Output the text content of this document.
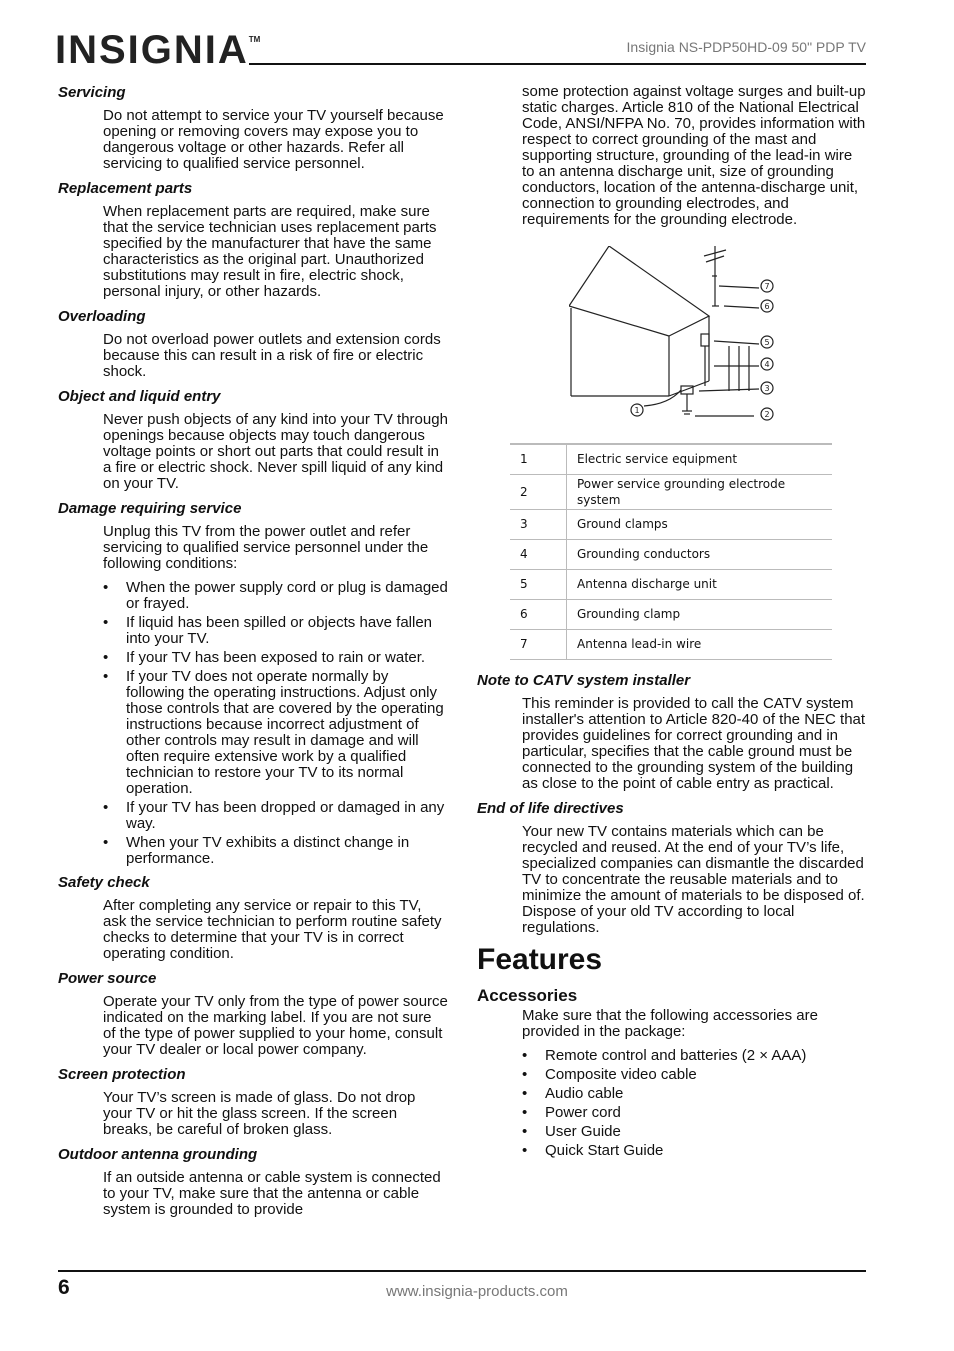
INSIGNIA™	Insignia NS-PDP50HD-09 50" PDP TV
Servicing

Do not attempt to service your TV yourself because opening or removing covers may expose you to dangerous voltage or other hazards. Refer all servicing to qualified service personnel.

Replacement parts

When replacement parts are required, make sure that the service technician uses replacement parts specified by the manufacturer that have the same characteristics as the original part. Unauthorized substitutions may result in fire, electric shock, personal injury, or other hazards.

Overloading

Do not overload power outlets and extension cords because this can result in a risk of fire or electric shock.

Object and liquid entry

Never push objects of any kind into your TV through openings because objects may touch dangerous voltage points or short out parts that could result in a fire or electric shock. Never spill liquid of any kind on your TV.

Damage requiring service

Unplug this TV from the power outlet and refer servicing to qualified service personnel under the following conditions:

• When the power supply cord or plug is damaged or frayed.
• If liquid has been spilled or objects have fallen into your TV.
• If your TV has been exposed to rain or water.
• If your TV does not operate normally by following the operating instructions. Adjust only those controls that are covered by the operating instructions because incorrect adjustment of other controls may result in damage and will often require extensive work by a qualified technician to restore your TV to its normal operation.
• If your TV has been dropped or damaged in any way.
• When your TV exhibits a distinct change in performance.
Safety check

After completing any service or repair to this TV, ask the service technician to perform routine safety checks to determine that your TV is in correct operating condition.

Power source

Operate your TV only from the type of power source indicated on the marking label. If you are not sure of the type of power supplied to your home, consult your TV dealer or local power company.

Screen protection

Your TV’s screen is made of glass. Do not drop your TV or hit the glass screen. If the screen breaks, be careful of broken glass.

Outdoor antenna grounding

If an outside antenna or cable system is connected to your TV, make sure that the antenna or cable system is grounded to provide

some protection against voltage surges and built-up static charges. Article 810 of the National Electrical Code, ANSI/NFPA No. 70, provides information with respect to correct grounding of the mast and supporting structure, grounding of the lead-in wire to an antenna discharge unit, size of grounding conductors, location of the antenna-discharge unit, connection to grounding electrodes, and requirements for the grounding electrode.

1	2
3
4
5
6
7
1	Electric service equipment
2	Power service grounding electrode system
3	Ground clamps
4	Grounding conductors
5	Antenna discharge unit
6	Grounding clamp
7	Antenna lead-in wire
Note to CATV system installer

This reminder is provided to call the CATV system installer's attention to Article 820-40 of the NEC that provides guidelines for correct grounding and in particular, specifies that the cable ground must be connected to the grounding system of the building as close to the point of cable entry as practical.

End of life directives

Your new TV contains materials which can be recycled and reused. At the end of your TV’s life, specialized companies can dismantle the discarded TV to concentrate the reusable materials and to minimize the amount of materials to be disposed of. Dispose of your old TV according to local regulations.

Features
Accessories

Make sure that the following accessories are provided in the package:

• Remote control and batteries (2 × AAA)
• Composite video cable
• Audio cable
• Power cord
• User Guide
• Quick Start Guide
6	www.insignia-products.com
